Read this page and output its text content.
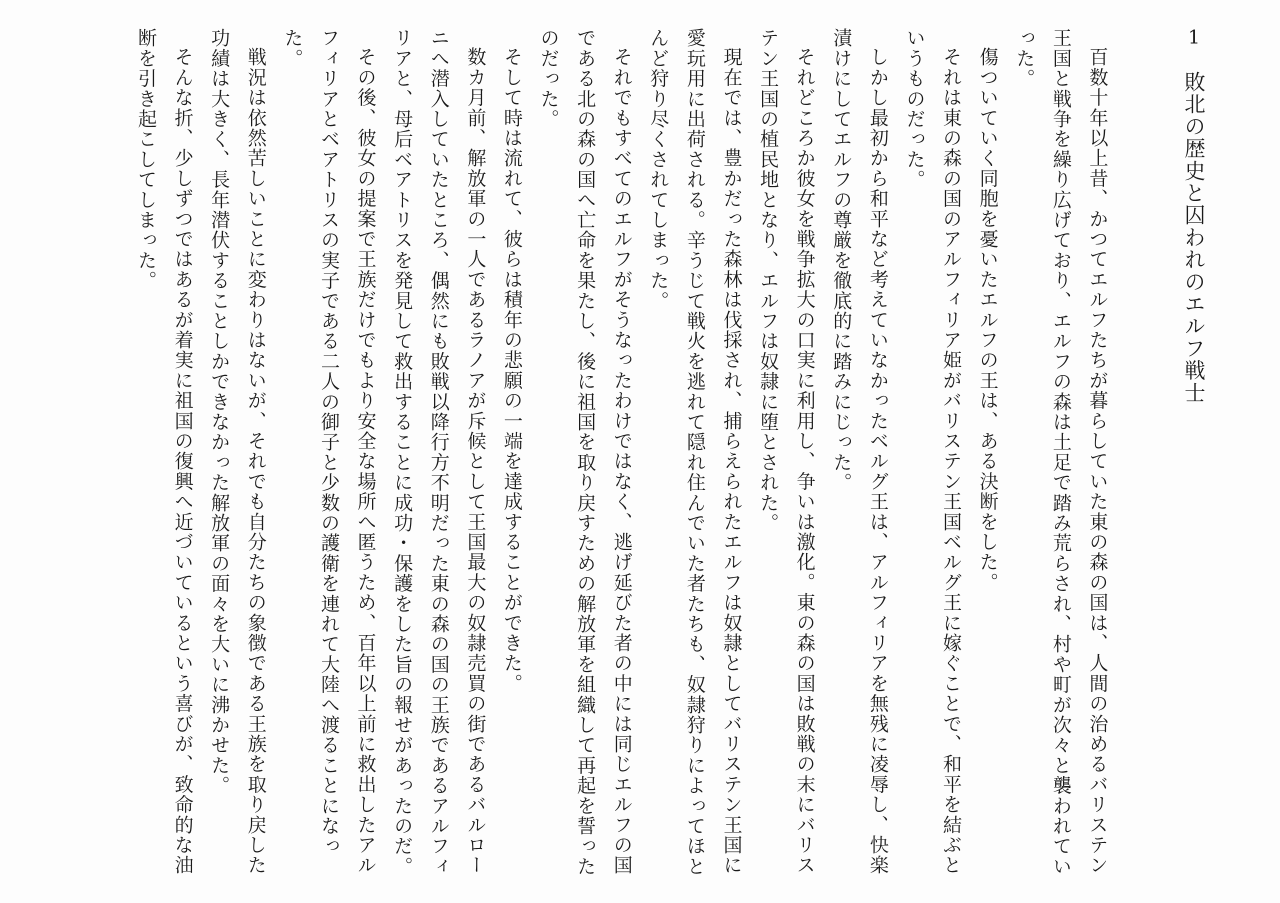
1敗北の歴史と囚われのエルフ戦士

百数十年以上昔、かつてエルフたちが暮らしていた東の森の国は、人間の治めるバリステン王国と戦争を繰り広げており、エルフの森は土足で踏み荒らされ、村や町が次々と襲われていった。

傷ついていく同胞を憂いたエルフの王は、ある決断をした。

それは東の森の国のアルフィリア姫がバリステン王国ベルグ王に嫁ぐことで、和平を結ぶというものだった。

しかし最初から和平など考えていなかったベルグ王は、アルフィリアを無残に凌辱し、快楽漬けにしてエルフの尊厳を徹底的に踏みにじった。

それどころか彼女を戦争拡大の口実に利用し、争いは激化。東の森の国は敗戦の末にバリステン王国の植民地となり、エルフは奴隷に堕とされた。

現在では、豊かだった森林は伐採され、捕らえられたエルフは奴隷としてバリステン王国に愛玩用に出荷される。辛うじて戦火を逃れて隠れ住んでいた者たちも、奴隷狩りによってほとんど狩り尽くされてしまった。

それでもすべてのエルフがそうなったわけではなく、逃げ延びた者の中には同じエルフの国である北の森の国へ亡命を果たし、後に祖国を取り戻すための解放軍を組織して再起を誓ったのだった。

そして時は流れて、彼らは積年の悲願の一端を達成することができた。

数カ月前、解放軍の一人であるラノアが斥候として王国最大の奴隷売買の街であるバルローニへ潜入していたところ、偶然にも敗戦以降行方不明だった東の森の国の王族であるアルフィリアと、母后ベアトリスを発見して救出することに成功・保護をした旨の報せがあったのだ。

その後、彼女の提案で王族だけでもより安全な場所へ匿うため、百年以上前に救出したアルフィリアとベアトリスの実子である二人の御子と少数の護衛を連れて大陸へ渡ることになった。

戦況は依然苦しいことに変わりはないが、それでも自分たちの象徴である王族を取り戻した功績は大きく、長年潜伏することしかできなかった解放軍の面々を大いに沸かせた。

そんな折、少しずつではあるが着実に祖国の復興へ近づいているという喜びが、致命的な油断を引き起こしてしまった。
